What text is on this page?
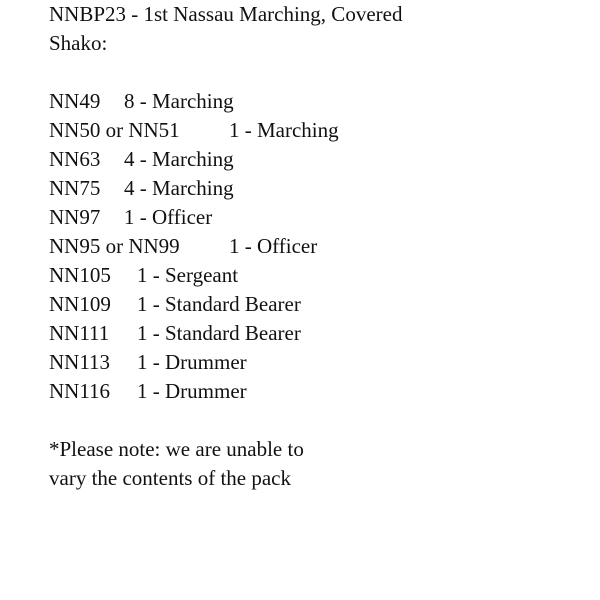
NNBP23 - 1st Nassau Marching, Covered
Shako:
NN49	8 - Marching
NN50 or NN51	1 - Marching
NN63	4 - Marching
NN75	4 - Marching
NN97	1 - Officer
NN95 or NN99	1 - Officer
NN105	1 - Sergeant
NN109	1 - Standard Bearer
NN111	1 - Standard Bearer
NN113	1 - Drummer
NN116	1 - Drummer
*Please note: we are unable to
vary the contents of the pack
